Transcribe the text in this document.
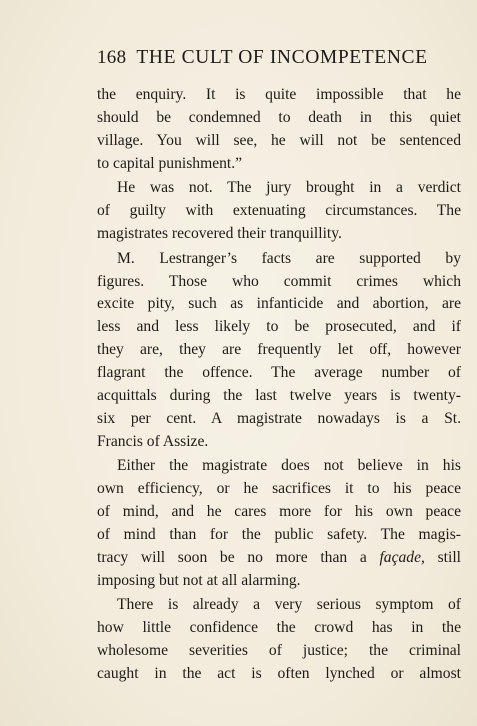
168 THE CULT OF INCOMPETENCE
the enquiry. It is quite impossible that he
should be condemned to death in this quiet
village. You will see, he will not be sentenced
to capital punishment.”
He was not. The jury brought in a verdict
of guilty with extenuating circumstances. The
magistrates recovered their tranquillity.
M. Lestranger’s facts are supported by
figures. Those who commit crimes which
excite pity, such as infanticide and abortion, are
less and less likely to be prosecuted, and if
they are, they are frequently let off, however
flagrant the offence. The average number of
acquittals during the last twelve years is twenty-
six per cent. A magistrate nowadays is a St.
Francis of Assize.
Either the magistrate does not believe in his
own efficiency, or he sacrifices it to his peace
of mind, and he cares more for his own peace
of mind than for the public safety. The magis-
tracy will soon be no more than a façade, still
imposing but not at all alarming.
There is already a very serious symptom of
how little confidence the crowd has in the
wholesome severities of justice; the criminal
caught in the act is often lynched or almost
